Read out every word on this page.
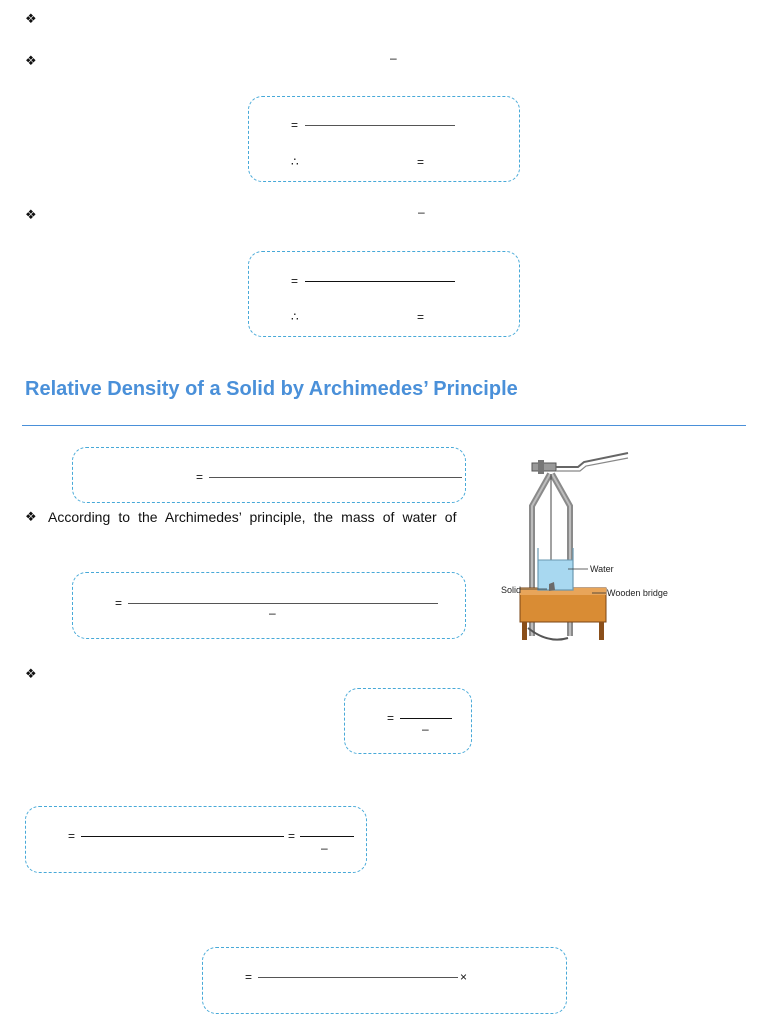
❖
❖	–
=
∴	=
❖	–
=
∴	=
Relative Density of a Solid by Archimedes’ Principle
=
❖ According to the Archimedes’ principle, the mass of water of
=
–
Water
Solid	Wooden bridge
❖
=
–
=	=
–
=	×
